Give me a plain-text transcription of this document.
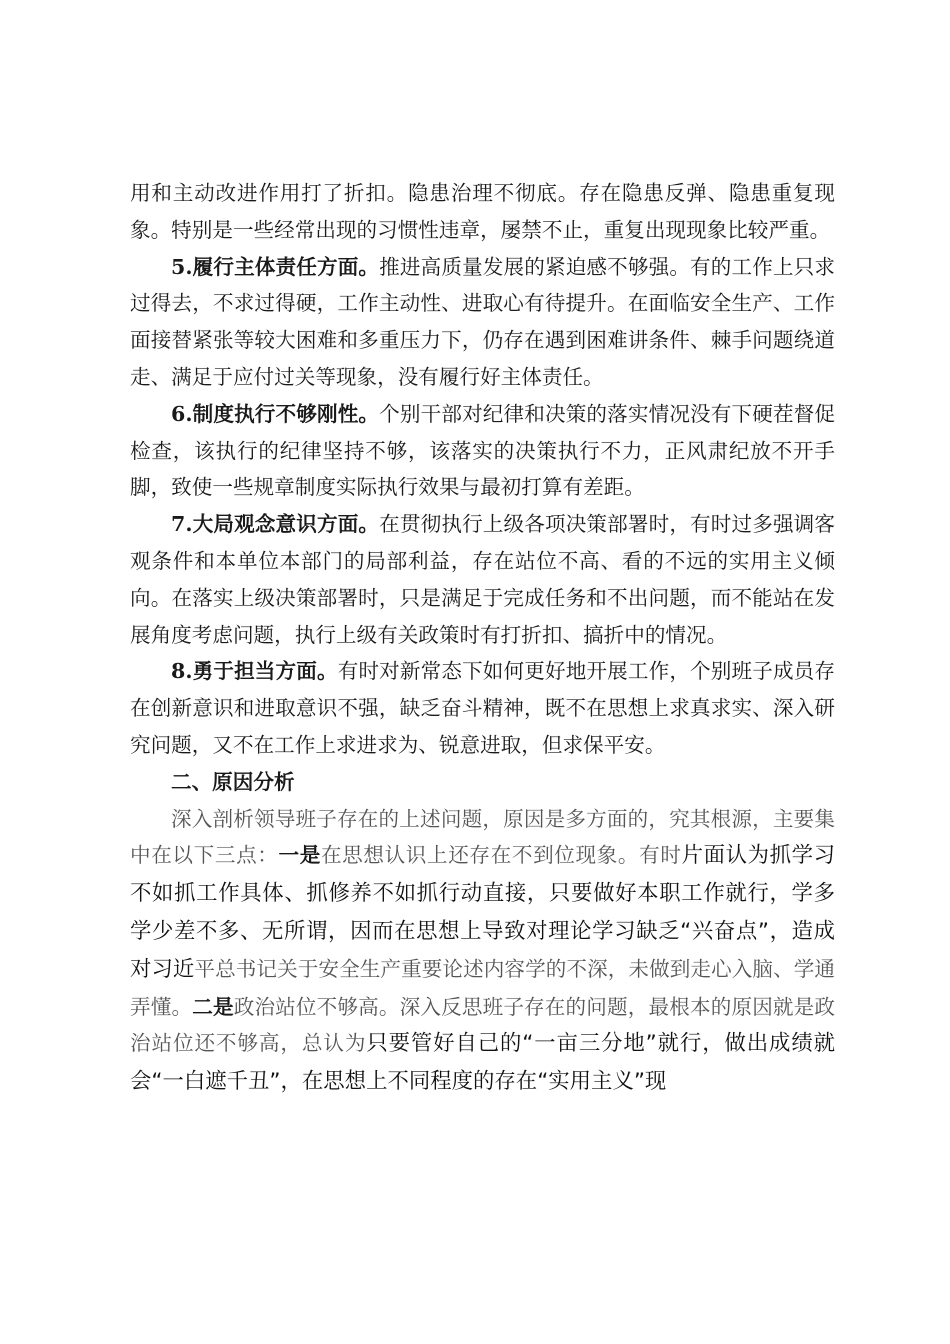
用和主动改进作用打了折扣。隐患治理不彻底。存在隐患反弹、隐患重复现象。特别是一些经常出现的习惯性违章，屡禁不止，重复出现现象比较严重。

5.履行主体责任方面。推进高质量发展的紧迫感不够强。有的工作上只求过得去，不求过得硬，工作主动性、进取心有待提升。在面临安全生产、工作面接替紧张等较大困难和多重压力下，仍存在遇到困难讲条件、棘手问题绕道走、满足于应付过关等现象，没有履行好主体责任。

6.制度执行不够刚性。个别干部对纪律和决策的落实情况没有下硬茬督促检查，该执行的纪律坚持不够，该落实的决策执行不力，正风肃纪放不开手脚，致使一些规章制度实际执行效果与最初打算有差距。

7.大局观念意识方面。在贯彻执行上级各项决策部署时，有时过多强调客观条件和本单位本部门的局部利益，存在站位不高、看的不远的实用主义倾向。在落实上级决策部署时，只是满足于完成任务和不出问题，而不能站在发展角度考虑问题，执行上级有关政策时有打折扣、搞折中的情况。

8.勇于担当方面。有时对新常态下如何更好地开展工作，个别班子成员存在创新意识和进取意识不强，缺乏奋斗精神，既不在思想上求真求实、深入研究问题，又不在工作上求进求为、锐意进取，但求保平安。

二、原因分析

深入剖析领导班子存在的上述问题，原因是多方面的，究其根源，主要集中在以下三点：一是在思想认识上还存在不到位现象。有时片面认为抓学习不如抓工作具体、抓修养不如抓行动直接，只要做好本职工作就行，学多学少差不多、无所谓，因而在思想上导致对理论学习缺乏“兴奋点”，造成对习近平总书记关于安全生产重要论述内容学的不深，未做到走心入脑、学通弄懂。二是政治站位不够高。深入反思班子存在的问题，最根本的原因就是政治站位还不够高，总认为只要管好自己的“一亩三分地”就行，做出成绩就会“一白遮千丑”，在思想上不同程度的存在“实用主义”现
